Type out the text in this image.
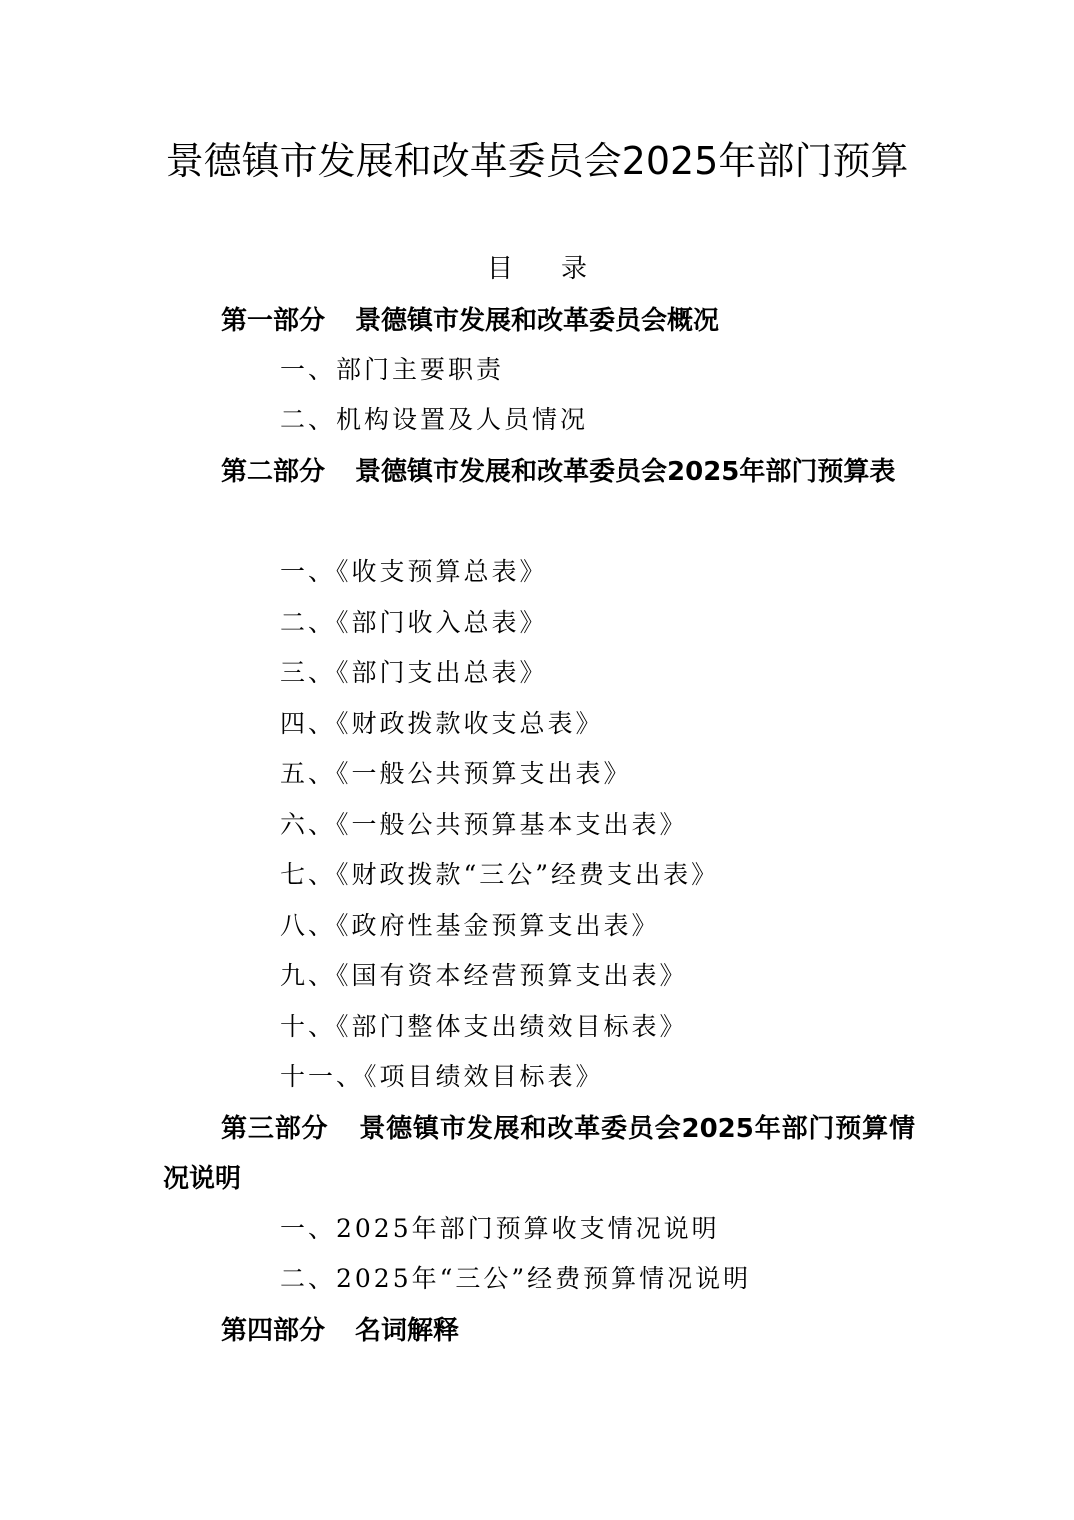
景德镇市发展和改革委员会2025年部门预算
目 录
第一部分 景德镇市发展和改革委员会概况
一、部门主要职责
二、机构设置及人员情况
第二部分 景德镇市发展和改革委员会2025年部门预算表
一、《收支预算总表》
二、《部门收入总表》
三、《部门支出总表》
四、《财政拨款收支总表》
五、《一般公共预算支出表》
六、《一般公共预算基本支出表》
七、《财政拨款“三公”经费支出表》
八、《政府性基金预算支出表》
九、《国有资本经营预算支出表》
十、《部门整体支出绩效目标表》
十一、《项目绩效目标表》
第三部分 景德镇市发展和改革委员会2025年部门预算情况说明
一、2025年部门预算收支情况说明
二、2025年“三公”经费预算情况说明
第四部分 名词解释
